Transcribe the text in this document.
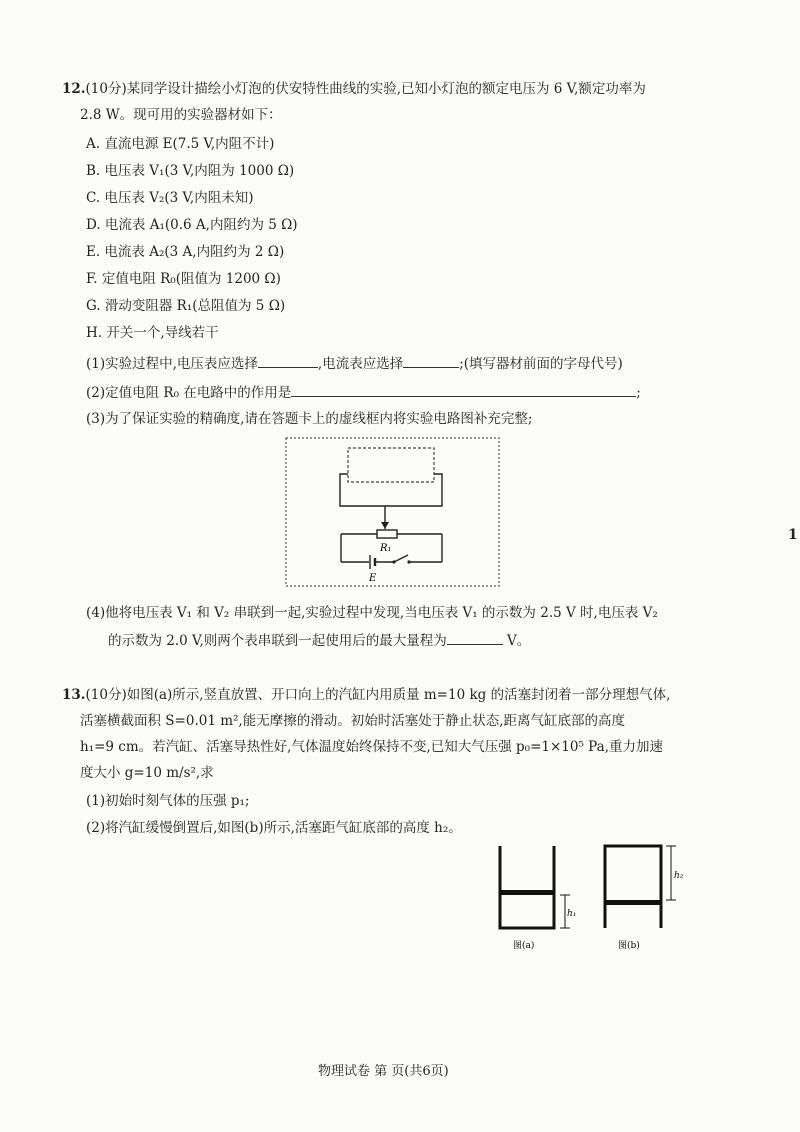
12.(10分)某同学设计描绘小灯泡的伏安特性曲线的实验,已知小灯泡的额定电压为 6 V,额定功率为
2.8 W。现可用的实验器材如下：
A. 直流电源 E(7.5 V,内阻不计)
B. 电压表 V₁(3 V,内阻为 1000 Ω)
C. 电压表 V₂(3 V,内阻未知)
D. 电流表 A₁(0.6 A,内阻约为 5 Ω)
E. 电流表 A₂(3 A,内阻约为 2 Ω)
F. 定值电阻 R₀(阻值为 1200 Ω)
G. 滑动变阻器 R₁(总阻值为 5 Ω)
H. 开关一个,导线若干
(1)实验过程中,电压表应选择	,电流表应选择	;(填写器材前面的字母代号)
(2)定值电阻 R₀ 在电路中的作用是	;
(3)为了保证实验的精确度,请在答题卡上的虚线框内将实验电路图补充完整;
R₁
E
(4)他将电压表 V₁ 和 V₂ 串联到一起,实验过程中发现,当电压表 V₁ 的示数为 2.5 V 时,电压表 V₂
的示数为 2.0 V,则两个表串联到一起使用后的最大量程为	V。
13.(10分)如图(a)所示,竖直放置、开口向上的汽缸内用质量 m=10 kg 的活塞封闭着一部分理想气体,
活塞横截面积 S=0.01 m²,能无摩擦的滑动。初始时活塞处于静止状态,距离气缸底部的高度
h₁=9 cm。若汽缸、活塞导热性好,气体温度始终保持不变,已知大气压强 p₀=1×10⁵ Pa,重力加速
度大小 g=10 m/s²,求
(1)初始时刻气体的压强 p₁;
(2)将汽缸缓慢倒置后,如图(b)所示,活塞距气缸底部的高度 h₂。
h₁
图(a)
h₂
图(b)
1
物理试卷 第 页(共6页)
